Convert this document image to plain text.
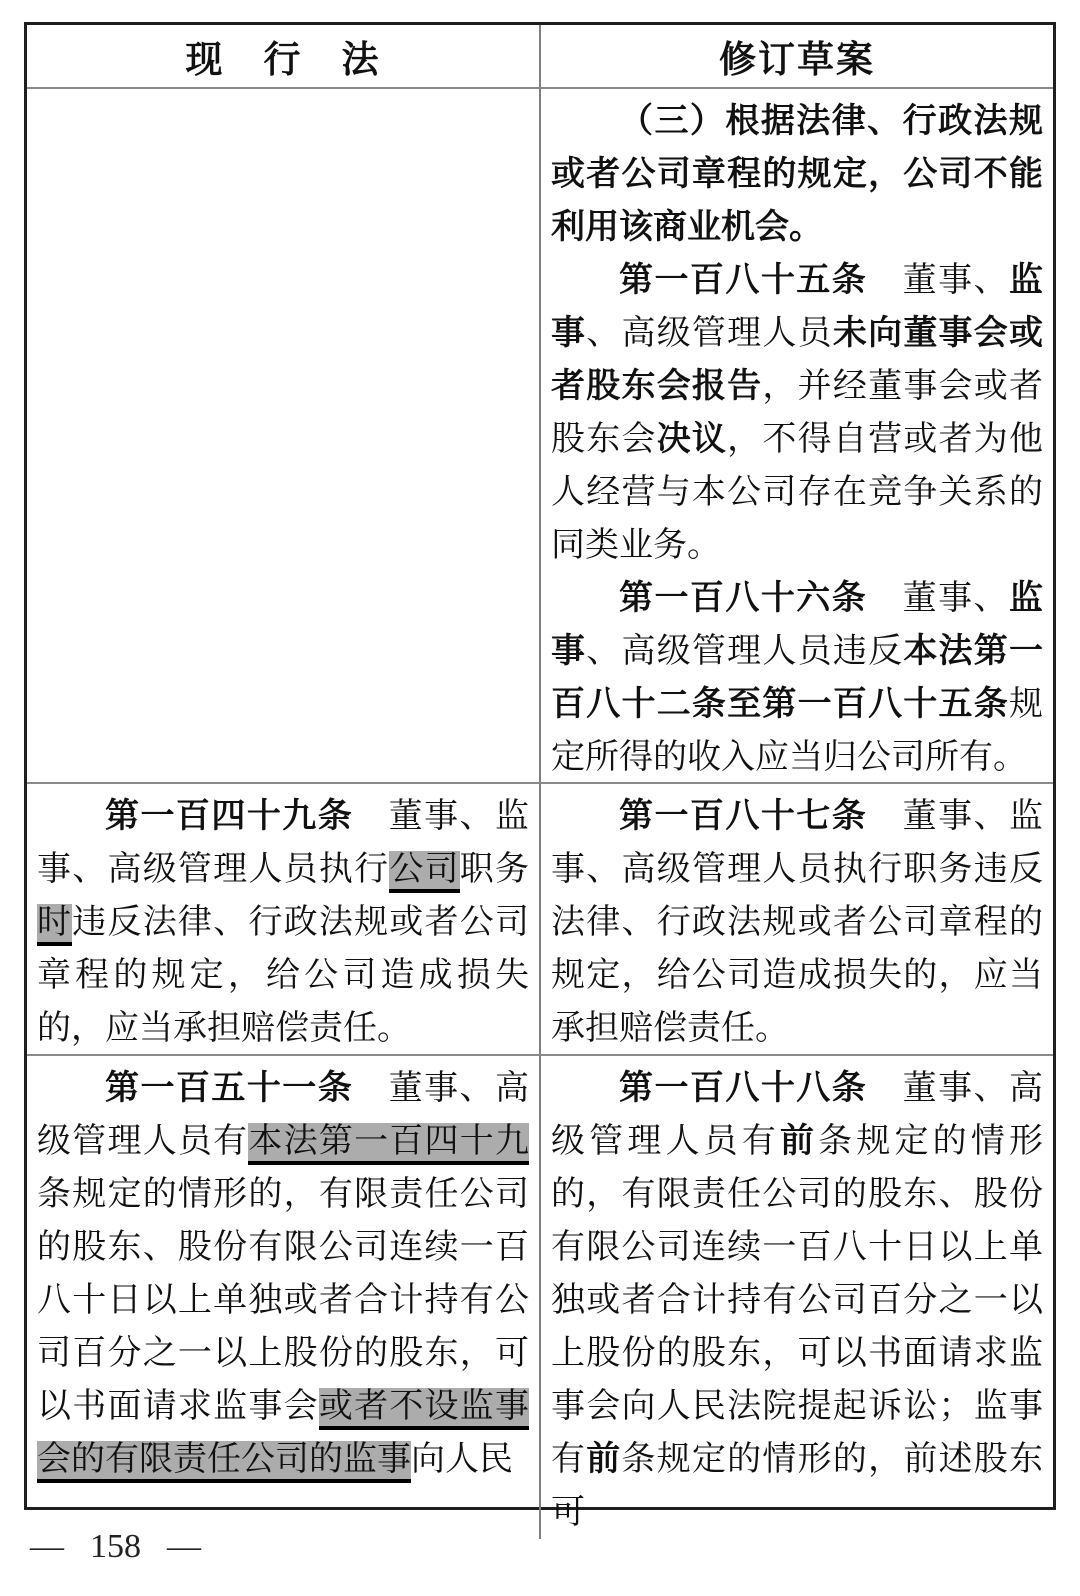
现　行　法	修订草案

（三）根据法律、行政法规或者公司章程的规定，公司不能利用该商业机会。

第一百八十五条　董事、监事、高级管理人员未向董事会或者股东会报告，并经董事会或者股东会决议，不得自营或者为他人经营与本公司存在竞争关系的同类业务。

第一百八十六条　董事、监事、高级管理人员违反本法第一百八十二条至第一百八十五条规定所得的收入应当归公司所有。

第一百四十九条　董事、监事、高级管理人员执行公司职务时违反法律、行政法规或者公司章程的规定，给公司造成损失的，应当承担赔偿责任。

第一百八十七条　董事、监事、高级管理人员执行职务违反法律、行政法规或者公司章程的规定，给公司造成损失的，应当承担赔偿责任。

第一百五十一条　董事、高级管理人员有本法第一百四十九条规定的情形的，有限责任公司的股东、股份有限公司连续一百八十日以上单独或者合计持有公司百分之一以上股份的股东，可以书面请求监事会或者不设监事会的有限责任公司的监事向人民

第一百八十八条　董事、高级管理人员有前条规定的情形的，有限责任公司的股东、股份有限公司连续一百八十日以上单独或者合计持有公司百分之一以上股份的股东，可以书面请求监事会向人民法院提起诉讼；监事有前条规定的情形的，前述股东可

— 158 —
